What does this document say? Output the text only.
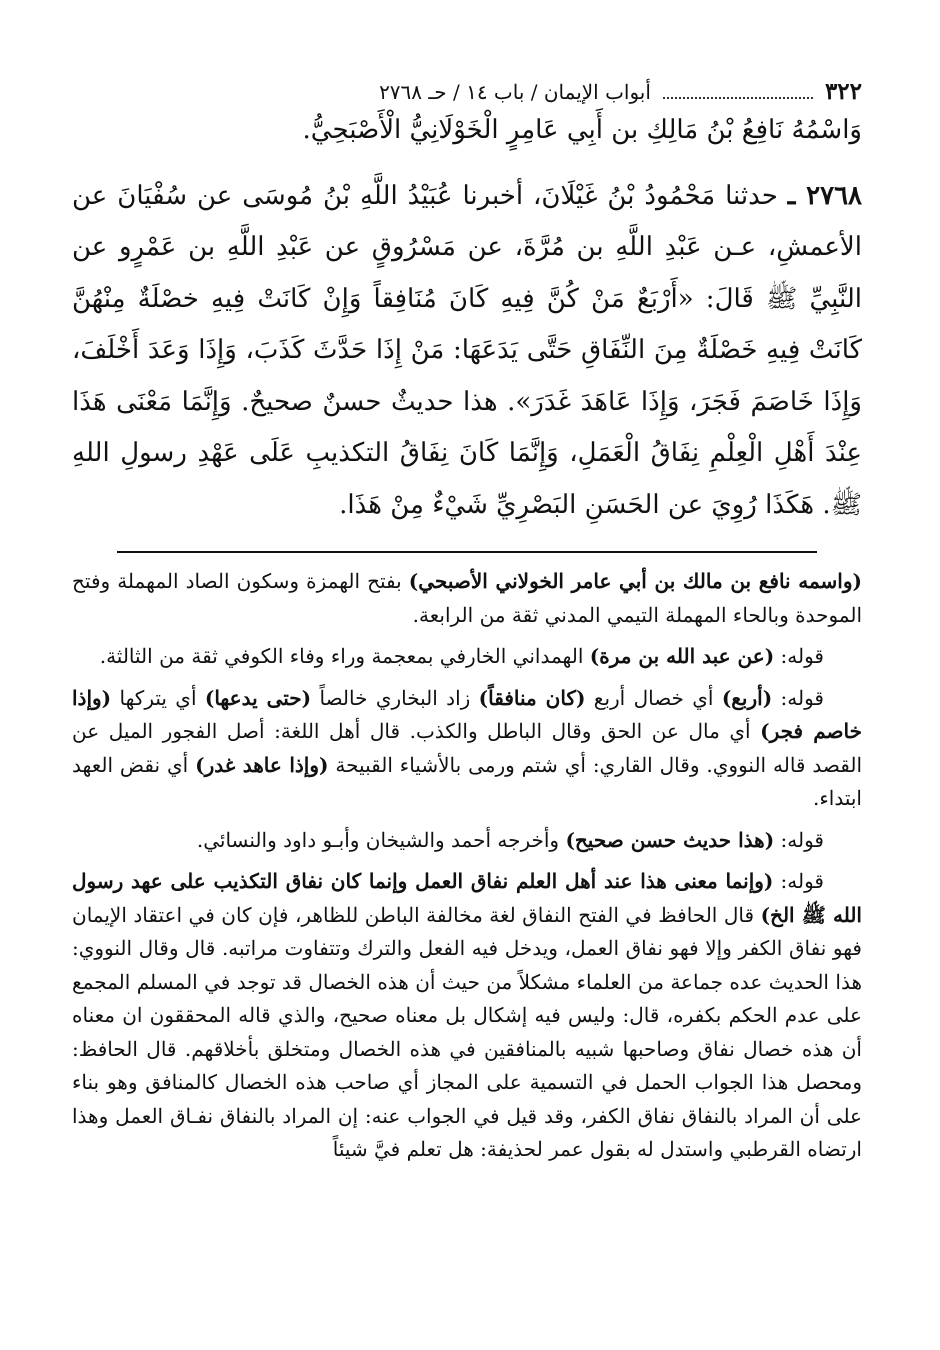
٣٢٢
أبواب الإيمان / باب ١٤ / حـ ٢٧٦٨

وَاسْمُهُ نَافِعُ بْنُ مَالِكِ بن أَبِي عَامِرٍ الْخَوْلَانِيُّ الْأَصْبَحِيُّ.

٢٧٦٨ ـ حدثنا مَحْمُودُ بْنُ غَيْلَانَ، أخبرنا عُبَيْدُ اللَّهِ بْنُ مُوسَى عن سُفْيَانَ عن الأعمشِ، عـن عَبْدِ اللَّهِ بن مُرَّةَ، عن مَسْرُوقٍ عن عَبْدِ اللَّهِ بن عَمْرٍو عن النَّبِيِّ ﷺ قَالَ: «أَرْبَعٌ مَنْ كُنَّ فِيهِ كَانَ مُنَافِقاً وَإِنْ كَانَتْ فِيهِ خصْلَةٌ مِنْهُنَّ كَانَتْ فِيهِ خَصْلَةٌ مِنَ النِّفَاقِ حَتَّى يَدَعَهَا: مَنْ إِذَا حَدَّثَ كَذَبَ، وَإِذَا وَعَدَ أَخْلَفَ، وَإِذَا خَاصَمَ فَجَرَ، وَإِذَا عَاهَدَ غَدَرَ». هذا حديثٌ حسنٌ صحيحٌ. وَإِنَّمَا مَعْنَى هَذَا عِنْدَ أَهْلِ الْعِلْمِ نِفَاقُ الْعَمَلِ، وَإِنَّمَا كَانَ نِفَاقُ التكذيبِ عَلَى عَهْدِ رسولِ اللهِ ﷺ. هَكَذَا رُوِيَ عن الحَسَنِ البَصْرِيِّ شَيْءٌ مِنْ هَذَا.

(واسمه نافع بن مالك بن أبي عامر الخولاني الأصبحي) بفتح الهمزة وسكون الصاد المهملة وفتح الموحدة وبالحاء المهملة التيمي المدني ثقة من الرابعة.

قوله: (عن عبد الله بن مرة) الهمداني الخارفي بمعجمة وراء وفاء الكوفي ثقة من الثالثة.

قوله: (أربع) أي خصال أربع (كان منافقاً) زاد البخاري خالصاً (حتى يدعها) أي يتركها (وإذا خاصم فجر) أي مال عن الحق وقال الباطل والكذب. قال أهل اللغة: أصل الفجور الميل عن القصد قاله النووي. وقال القاري: أي شتم ورمى بالأشياء القبيحة (وإذا عاهد غدر) أي نقض العهد ابتداء.

قوله: (هذا حديث حسن صحيح) وأخرجه أحمد والشيخان وأبـو داود والنسائي.

قوله: (وإنما معنى هذا عند أهل العلم نفاق العمل وإنما كان نفاق التكذيب على عهد رسول الله ﷺ الخ) قال الحافظ في الفتح النفاق لغة مخالفة الباطن للظاهر، فإن كان في اعتقاد الإيمان فهو نفاق الكفر وإلا فهو نفاق العمل، ويدخل فيه الفعل والترك وتتفاوت مراتبه. قال وقال النووي: هذا الحديث عده جماعة من العلماء مشكلاً من حيث أن هذه الخصال قد توجد في المسلم المجمع على عدم الحكم بكفره، قال: وليس فيه إشكال بل معناه صحيح، والذي قاله المحققون ان معناه أن هذه خصال نفاق وصاحبها شبيه بالمنافقين في هذه الخصال ومتخلق بأخلاقهم. قال الحافظ: ومحصل هذا الجواب الحمل في التسمية على المجاز أي صاحب هذه الخصال كالمنافق وهو بناء على أن المراد بالنفاق نفاق الكفر، وقد قيل في الجواب عنه: إن المراد بالنفاق نفـاق العمل وهذا ارتضاه القرطبي واستدل له بقول عمر لحذيفة: هل تعلم فيَّ شيئاً
